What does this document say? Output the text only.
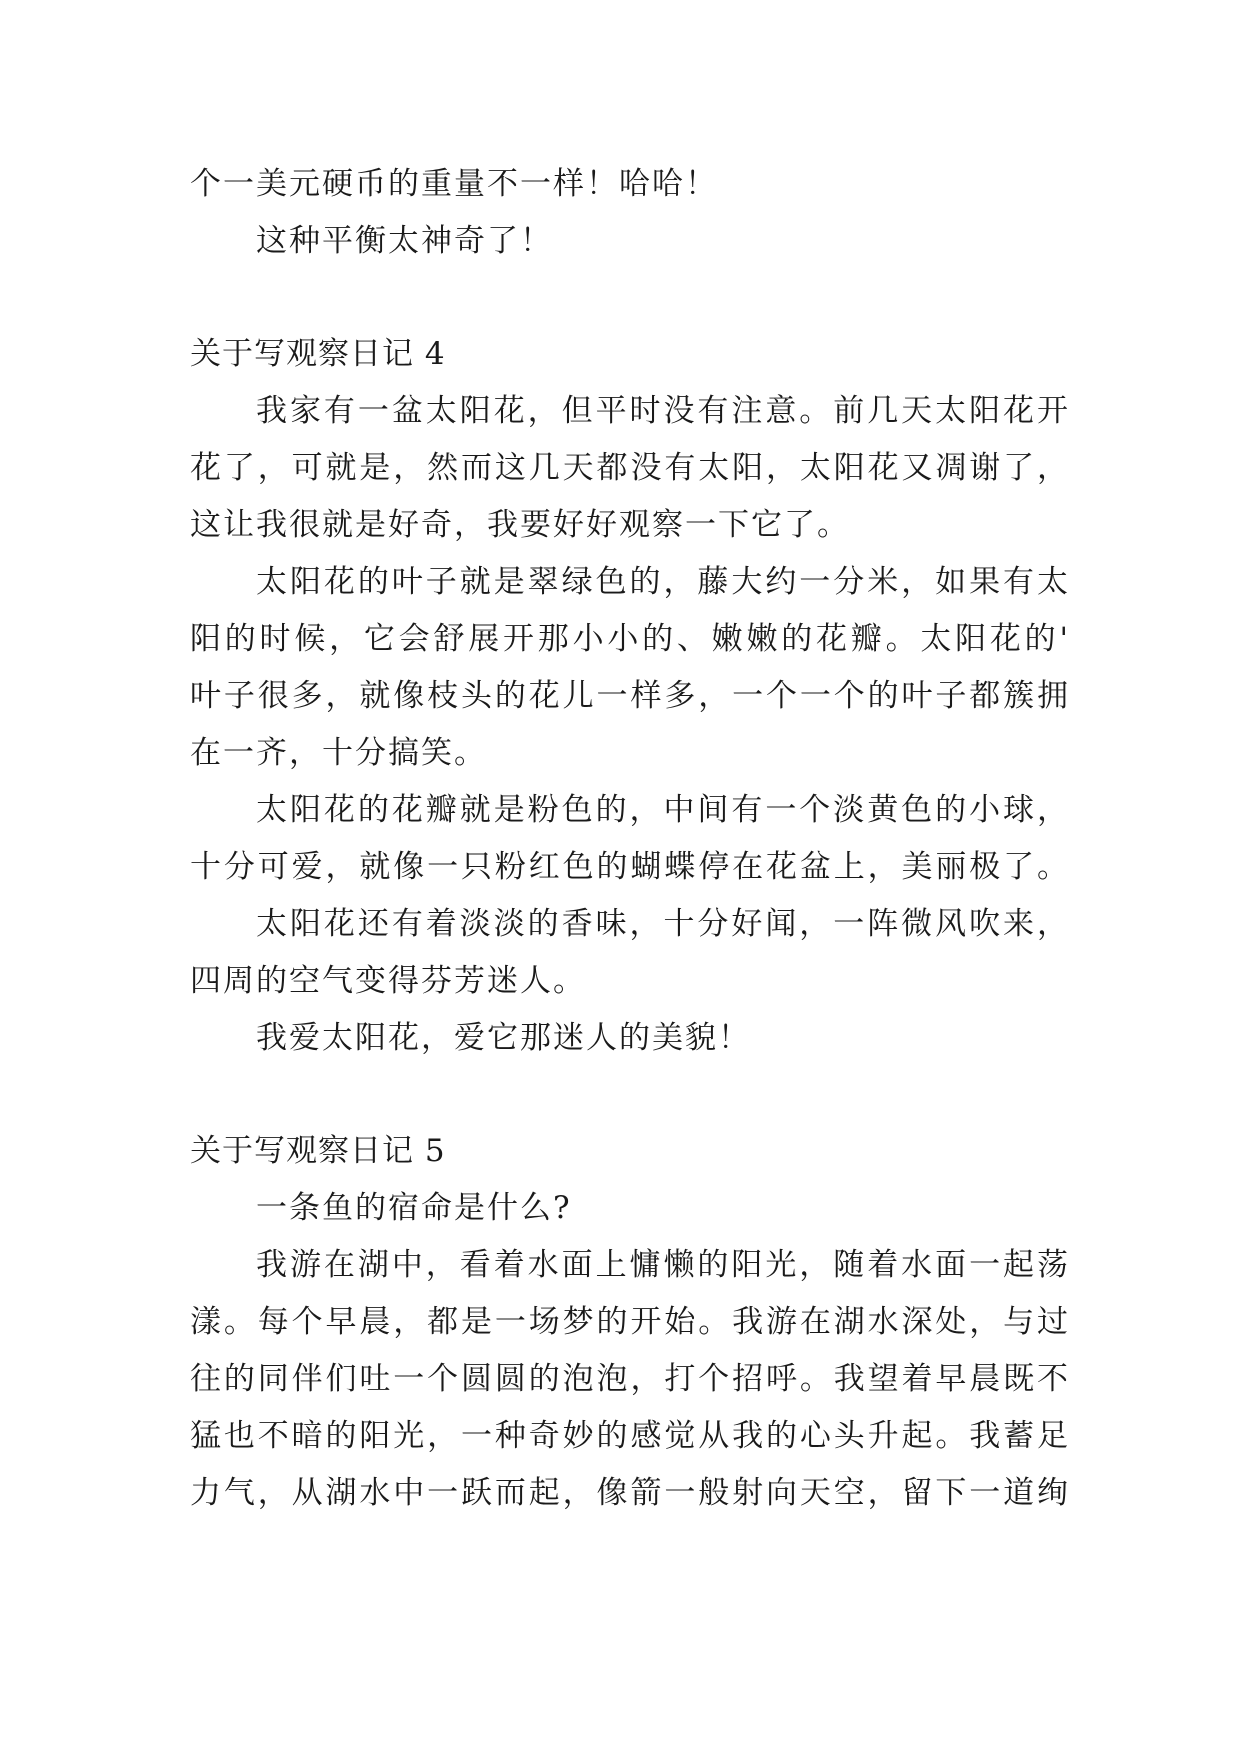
个一美元硬币的重量不一样！哈哈！
这种平衡太神奇了！
关于写观察日记 4
我家有一盆太阳花，但平时没有注意。前几天太阳花开
花了，可就是，然而这几天都没有太阳，太阳花又凋谢了，
这让我很就是好奇，我要好好观察一下它了。
太阳花的叶子就是翠绿色的，藤大约一分米，如果有太
阳的时候，它会舒展开那小小的、嫩嫩的花瓣。太阳花的'
叶子很多，就像枝头的花儿一样多，一个一个的叶子都簇拥
在一齐，十分搞笑。
太阳花的花瓣就是粉色的，中间有一个淡黄色的小球，
十分可爱，就像一只粉红色的蝴蝶停在花盆上，美丽极了。
太阳花还有着淡淡的香味，十分好闻，一阵微风吹来，
四周的空气变得芬芳迷人。
我爱太阳花，爱它那迷人的美貌！
关于写观察日记 5
一条鱼的宿命是什么?
我游在湖中，看着水面上慵懒的阳光，随着水面一起荡
漾。每个早晨，都是一场梦的开始。我游在湖水深处，与过
往的同伴们吐一个圆圆的泡泡，打个招呼。我望着早晨既不
猛也不暗的阳光，一种奇妙的感觉从我的心头升起。我蓄足
力气，从湖水中一跃而起，像箭一般射向天空，留下一道绚
